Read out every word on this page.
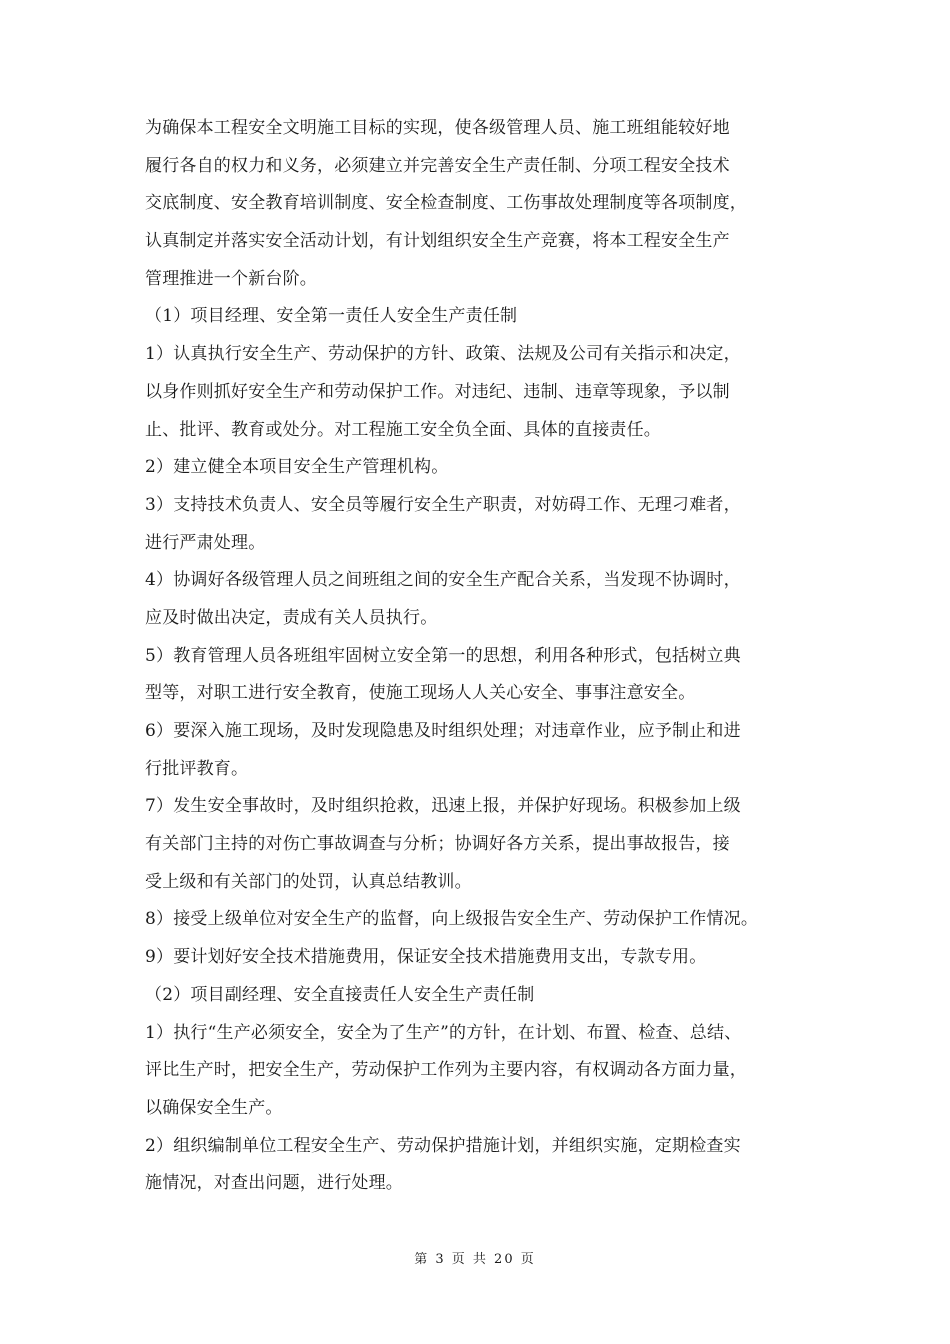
为确保本工程安全文明施工目标的实现，使各级管理人员、施工班组能较好地
履行各自的权力和义务，必须建立并完善安全生产责任制、分项工程安全技术
交底制度、安全教育培训制度、安全检查制度、工伤事故处理制度等各项制度，
认真制定并落实安全活动计划，有计划组织安全生产竞赛，将本工程安全生产
管理推进一个新台阶。
（1）项目经理、安全第一责任人安全生产责任制
1）认真执行安全生产、劳动保护的方针、政策、法规及公司有关指示和决定，
以身作则抓好安全生产和劳动保护工作。对违纪、违制、违章等现象，予以制
止、批评、教育或处分。对工程施工安全负全面、具体的直接责任。
2）建立健全本项目安全生产管理机构。
3）支持技术负责人、安全员等履行安全生产职责，对妨碍工作、无理刁难者，
进行严肃处理。
4）协调好各级管理人员之间班组之间的安全生产配合关系，当发现不协调时，
应及时做出决定，责成有关人员执行。
5）教育管理人员各班组牢固树立安全第一的思想，利用各种形式，包括树立典
型等，对职工进行安全教育，使施工现场人人关心安全、事事注意安全。
6）要深入施工现场，及时发现隐患及时组织处理；对违章作业，应予制止和进
行批评教育。
7）发生安全事故时，及时组织抢救，迅速上报，并保护好现场。积极参加上级
有关部门主持的对伤亡事故调查与分析；协调好各方关系，提出事故报告，接
受上级和有关部门的处罚，认真总结教训。
8）接受上级单位对安全生产的监督，向上级报告安全生产、劳动保护工作情况。
9）要计划好安全技术措施费用，保证安全技术措施费用支出，专款专用。
（2）项目副经理、安全直接责任人安全生产责任制
1）执行“生产必须安全，安全为了生产”的方针，在计划、布置、检查、总结、
评比生产时，把安全生产，劳动保护工作列为主要内容，有权调动各方面力量，
以确保安全生产。
2）组织编制单位工程安全生产、劳动保护措施计划，并组织实施，定期检查实
施情况，对查出问题，进行处理。
第 3 页 共 20 页
